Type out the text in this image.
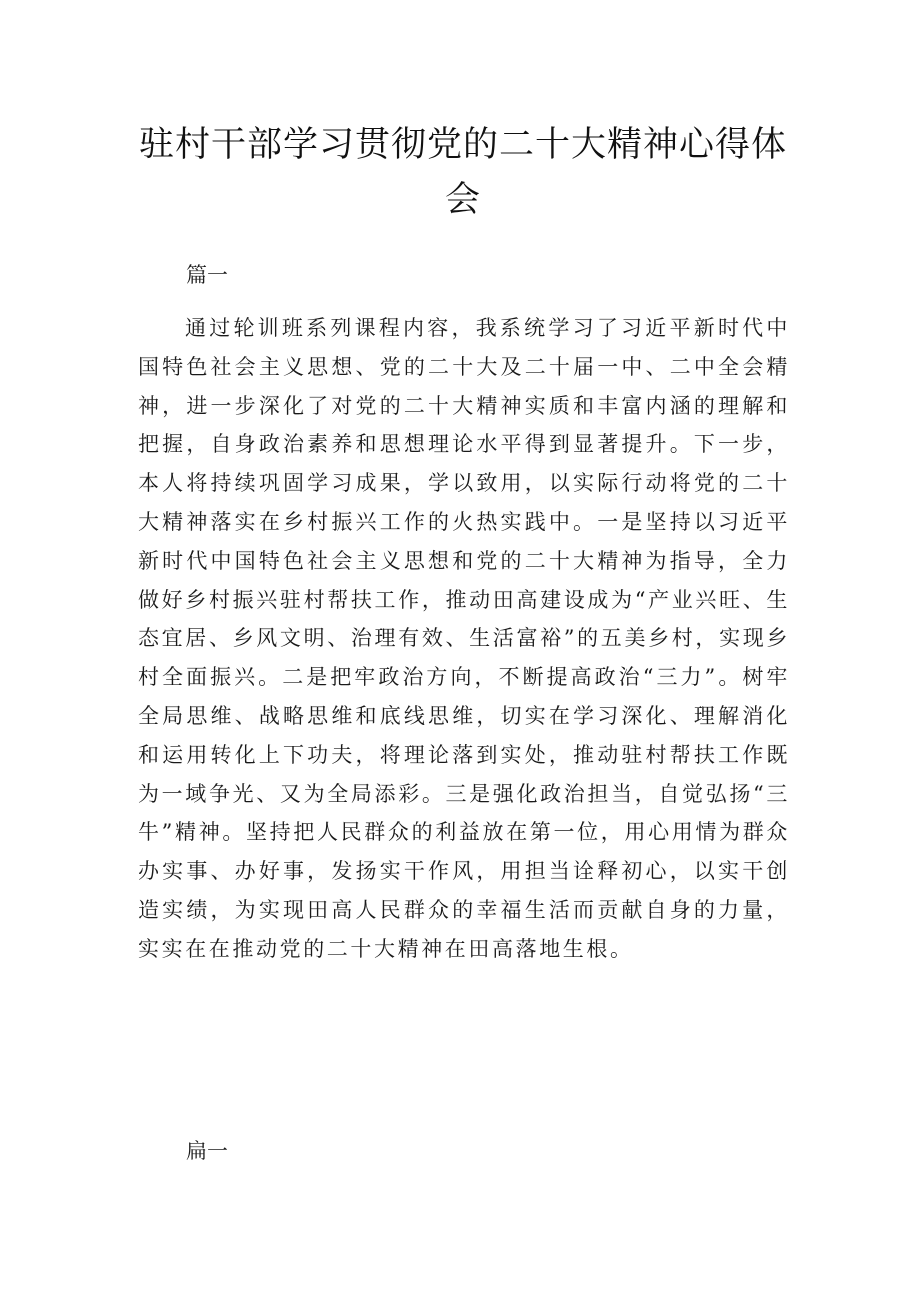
驻村干部学习贯彻党的二十大精神心得体会

篇一

通过轮训班系列课程内容，我系统学习了习近平新时代中国特色社会主义思想、党的二十大及二十届一中、二中全会精神，进一步深化了对党的二十大精神实质和丰富内涵的理解和把握，自身政治素养和思想理论水平得到显著提升。下一步，本人将持续巩固学习成果，学以致用，以实际行动将党的二十大精神落实在乡村振兴工作的火热实践中。一是坚持以习近平新时代中国特色社会主义思想和党的二十大精神为指导，全力做好乡村振兴驻村帮扶工作，推动田高建设成为“产业兴旺、生态宜居、乡风文明、治理有效、生活富裕”的五美乡村，实现乡村全面振兴。二是把牢政治方向，不断提高政治“三力”。树牢全局思维、战略思维和底线思维，切实在学习深化、理解消化和运用转化上下功夫，将理论落到实处，推动驻村帮扶工作既为一域争光、又为全局添彩。三是强化政治担当，自觉弘扬“三牛”精神。坚持把人民群众的利益放在第一位，用心用情为群众办实事、办好事，发扬实干作风，用担当诠释初心，以实干创造实绩，为实现田高人民群众的幸福生活而贡献自身的力量，实实在在推动党的二十大精神在田高落地生根。

扁一
